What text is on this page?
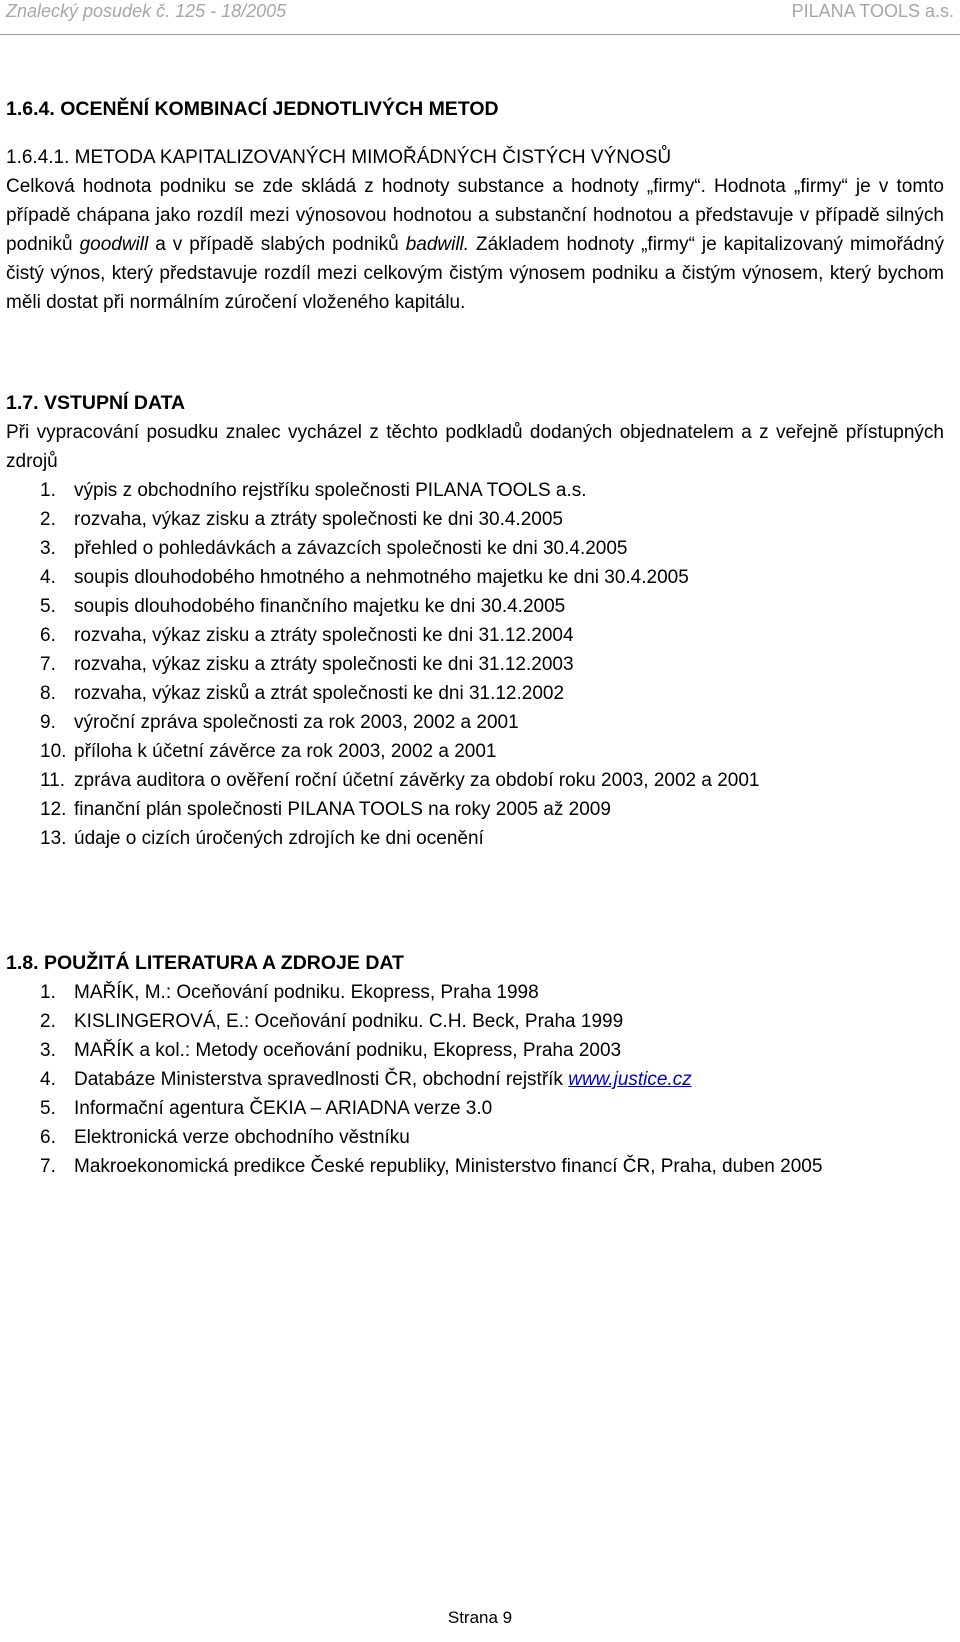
Znalecký posudek č. 125 - 18/2005	PILANA TOOLS a.s.
1.6.4. OCENĚNÍ KOMBINACÍ JEDNOTLIVÝCH METOD
1.6.4.1. METODA KAPITALIZOVANÝCH MIMOŘÁDNÝCH ČISTÝCH VÝNOSŮ

Celková hodnota podniku se zde skládá z hodnoty substance a hodnoty „firmy“. Hodnota „firmy“ je v tomto případě chápana jako rozdíl mezi výnosovou hodnotou a substanční hodnotou a představuje v případě silných podniků goodwill a v případě slabých podniků badwill. Základem hodnoty „firmy“ je kapitalizovaný mimořádný čistý výnos, který představuje rozdíl mezi celkovým čistým výnosem podniku a čistým výnosem, který bychom měli dostat při normálním zúročení vloženého kapitálu.

1.7. VSTUPNÍ DATA

Při vypracování posudku znalec vycházel z těchto podkladů dodaných objednatelem a z veřejně přístupných zdrojů

1. výpis z obchodního rejstříku společnosti PILANA TOOLS a.s.
2. rozvaha, výkaz zisku a ztráty společnosti ke dni 30.4.2005
3. přehled o pohledávkách a závazcích společnosti ke dni 30.4.2005
4. soupis dlouhodobého hmotného a nehmotného majetku ke dni 30.4.2005
5. soupis dlouhodobého finančního majetku ke dni 30.4.2005
6. rozvaha, výkaz zisku a ztráty společnosti ke dni 31.12.2004
7. rozvaha, výkaz zisku a ztráty společnosti ke dni 31.12.2003
8. rozvaha, výkaz zisků a ztrát společnosti ke dni 31.12.2002
9. výroční zpráva společnosti za rok 2003, 2002 a 2001
10. příloha k účetní závěrce za rok 2003, 2002 a 2001
11. zpráva auditora o ověření roční účetní závěrky za období roku 2003, 2002 a 2001
12. finanční plán společnosti PILANA TOOLS na roky 2005 až 2009
13. údaje o cizích úročených zdrojích ke dni ocenění
1.8. POUŽITÁ LITERATURA A ZDROJE DAT
1. MAŘÍK, M.: Oceňování podniku. Ekopress, Praha 1998
2. KISLINGEROVÁ, E.: Oceňování podniku. C.H. Beck, Praha 1999
3. MAŘÍK a kol.: Metody oceňování podniku, Ekopress, Praha 2003
4. Databáze Ministerstva spravedlnosti ČR, obchodní rejstřík www.justice.cz
5. Informační agentura ČEKIA – ARIADNA verze 3.0
6. Elektronická verze obchodního věstníku
7. Makroekonomická predikce České republiky, Ministerstvo financí ČR, Praha, duben 2005
Strana 9
